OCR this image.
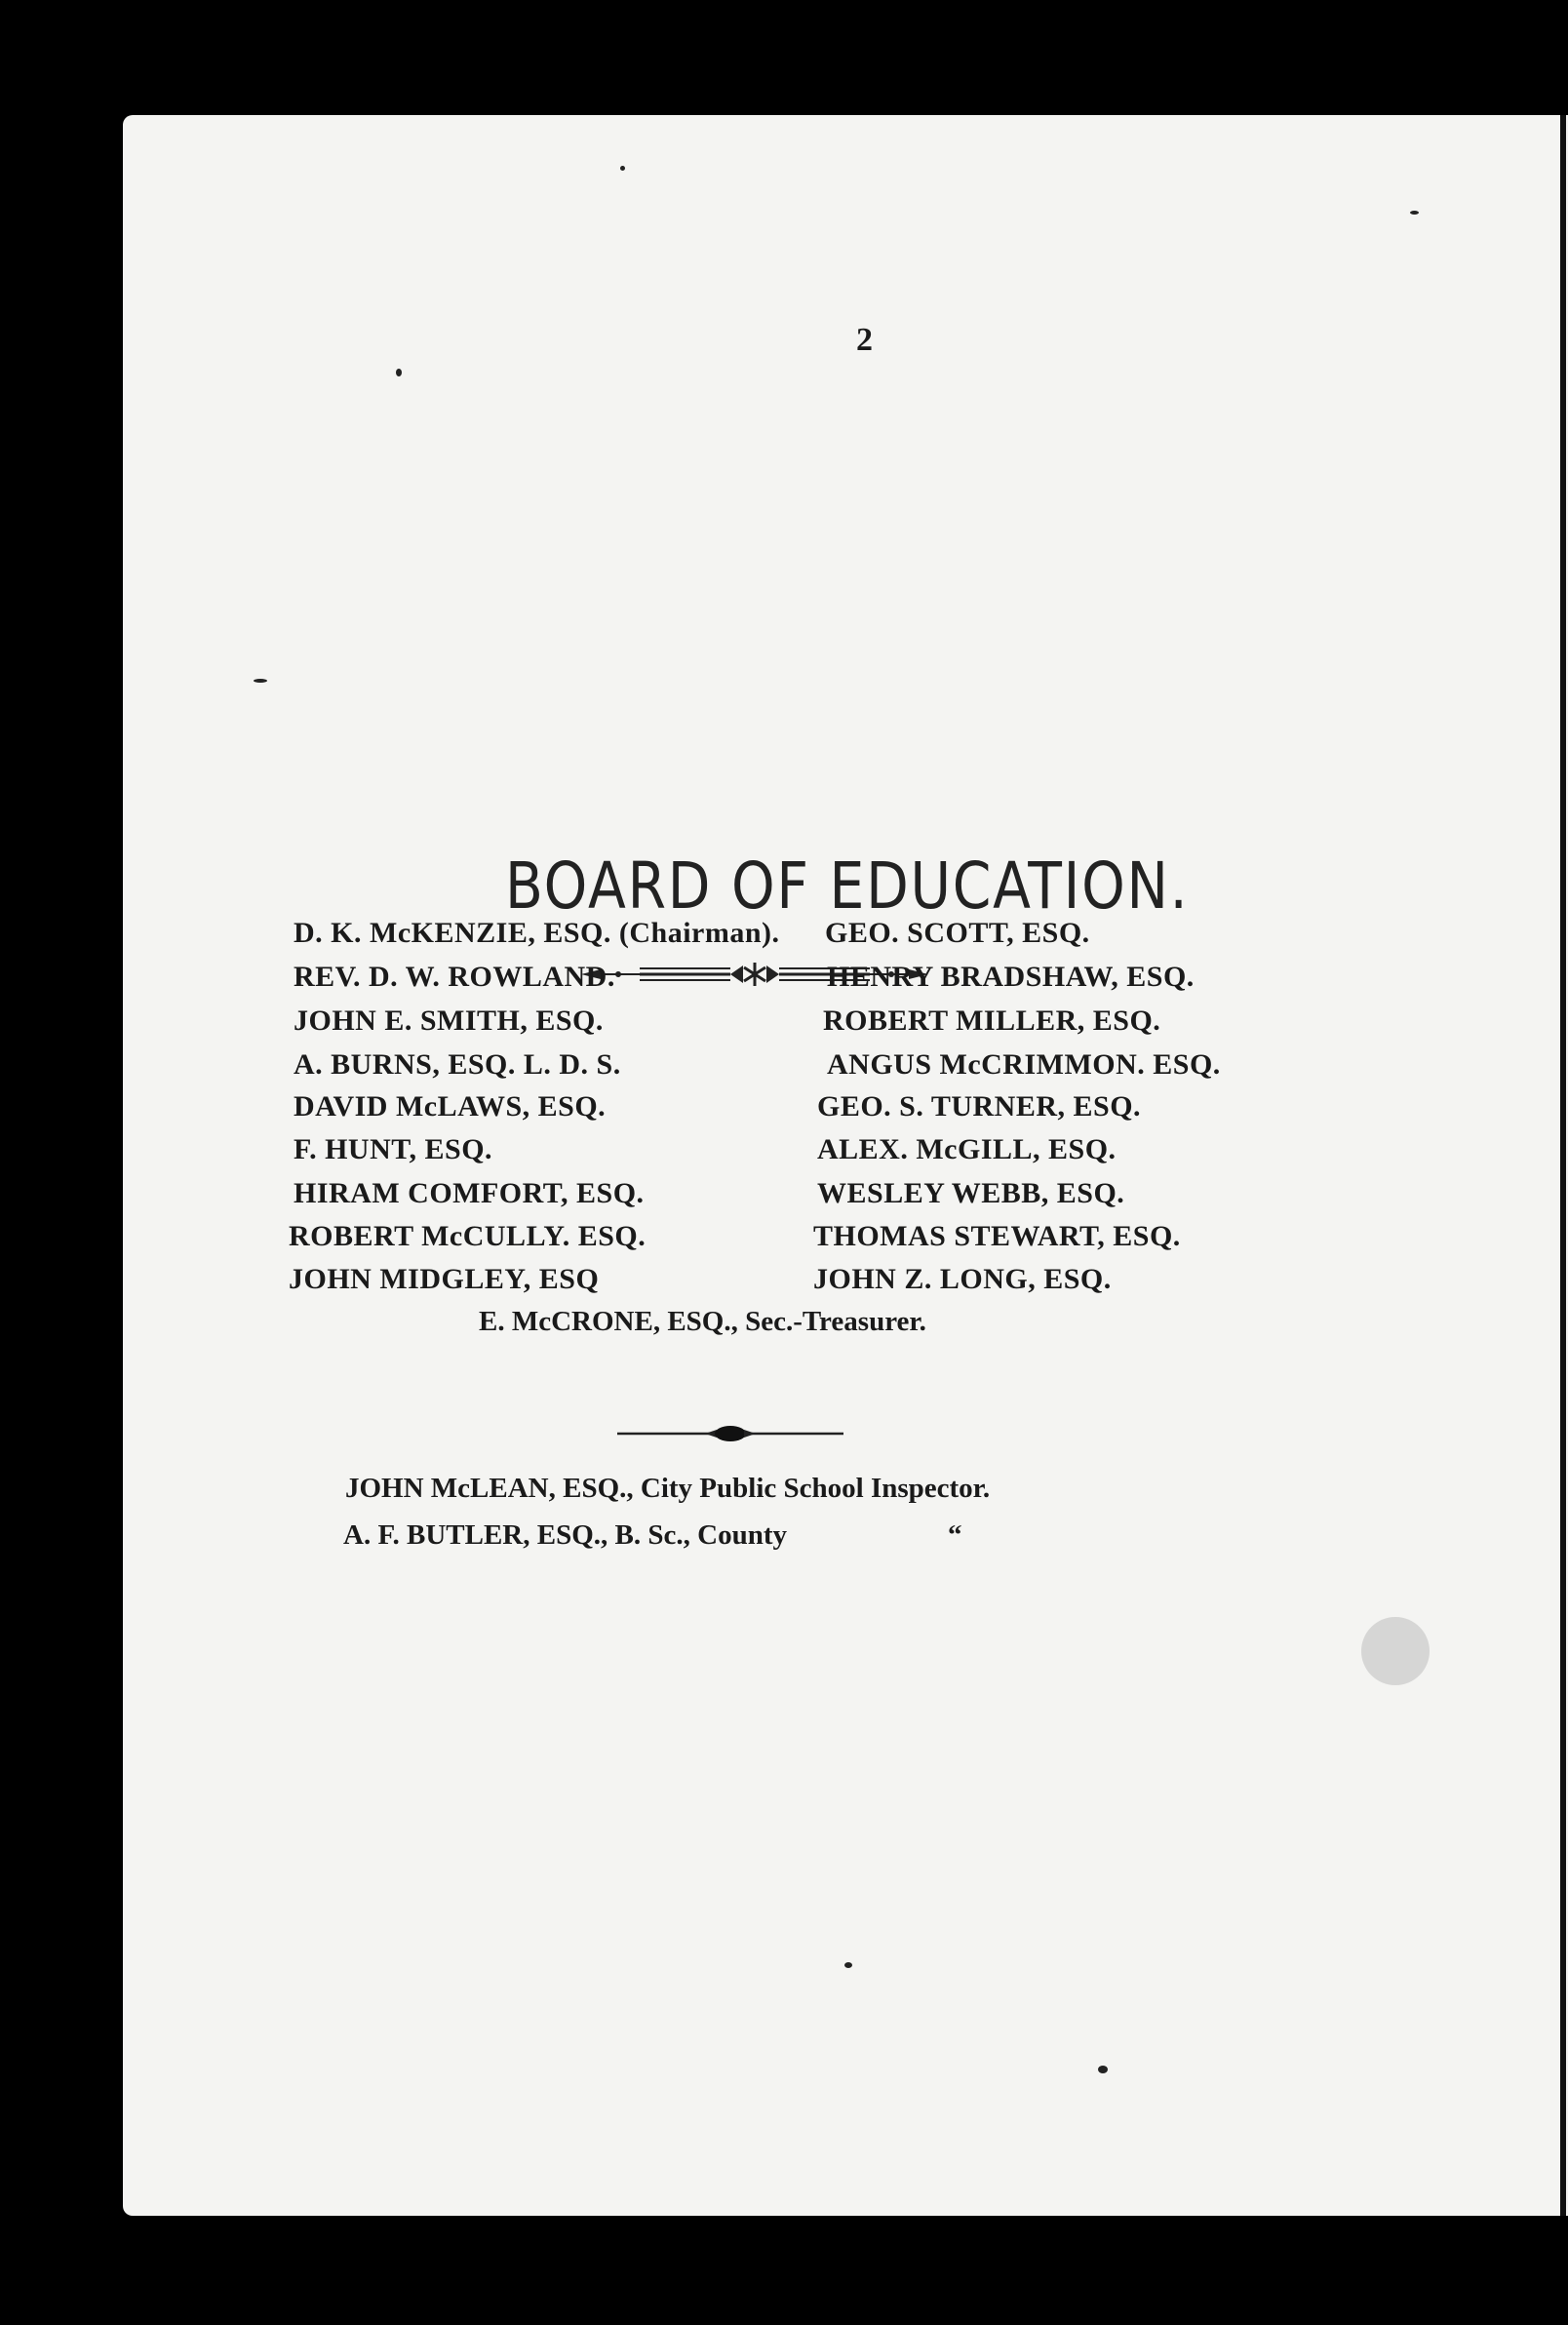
2
BOARD OF EDUCATION.
D. K. McKENZIE, ESQ. (Chairman).
REV. D. W. ROWLAND.
JOHN E. SMITH, ESQ.
A. BURNS, ESQ. L. D. S.
DAVID McLAWS, ESQ.
F. HUNT, ESQ.
HIRAM COMFORT, ESQ.
ROBERT McCULLY. ESQ.
JOHN MIDGLEY, ESQ
GEO. SCOTT, ESQ.
HENRY BRADSHAW, ESQ.
ROBERT MILLER, ESQ.
ANGUS McCRIMMON. ESQ.
GEO. S. TURNER, ESQ.
ALEX. McGILL, ESQ.
WESLEY WEBB, ESQ.
THOMAS STEWART, ESQ.
JOHN Z. LONG, ESQ.
E. McCRONE, ESQ., Sec.-Treasurer.
JOHN McLEAN, ESQ., City Public School Inspector.
A. F. BUTLER, ESQ., B. Sc., County	“
